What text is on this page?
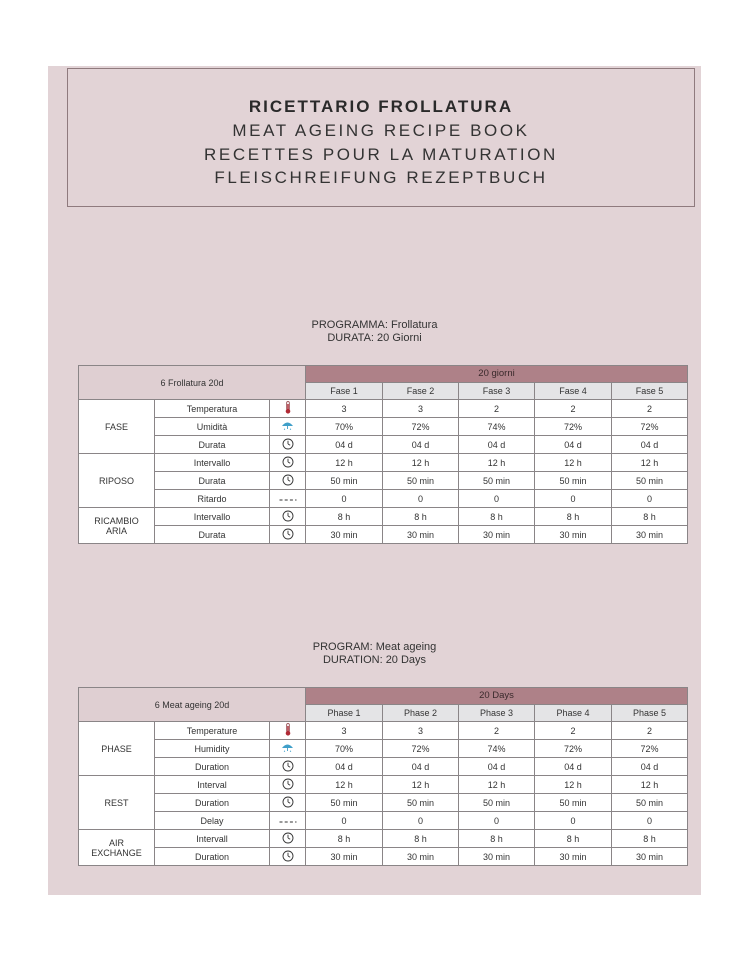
RICETTARIO FROLLATURA
MEAT AGEING RECIPE BOOK
RECETTES POUR LA MATURATION
FLEISCHREIFUNG REZEPTBUCH
PROGRAMMA: Frollatura
DURATA: 20 Giorni
6 Frollatura 20d			20 giorni				
			Fase 1	Fase 2	Fase 3	Fase 4	Fase 5
FASE	Temperatura		3	3	2	2	2
	Umidità		70%	72%	74%	72%	72%
	Durata		04 d	04 d	04 d	04 d	04 d
RIPOSO	Intervallo		12 h	12 h	12 h	12 h	12 h
	Durata		50 min	50 min	50 min	50 min	50 min
	Ritardo		0	0	0	0	0

RICAMBIO
ARIA	Intervallo		8 h	8 h	8 h	8 h	8 h
	Durata		30 min	30 min	30 min	30 min	30 min
PROGRAM: Meat ageing
DURATION: 20 Days
6 Meat ageing 20d			20 Days				
			Phase 1	Phase 2	Phase 3	Phase 4	Phase 5
PHASE	Temperature		3	3	2	2	2
	Humidity		70%	72%	74%	72%	72%
	Duration		04 d	04 d	04 d	04 d	04 d
REST	Interval		12 h	12 h	12 h	12 h	12 h
	Duration		50 min	50 min	50 min	50 min	50 min
	Delay		0	0	0	0	0

AIR
EXCHANGE	Intervall		8 h	8 h	8 h	8 h	8 h
	Duration		30 min	30 min	30 min	30 min	30 min
